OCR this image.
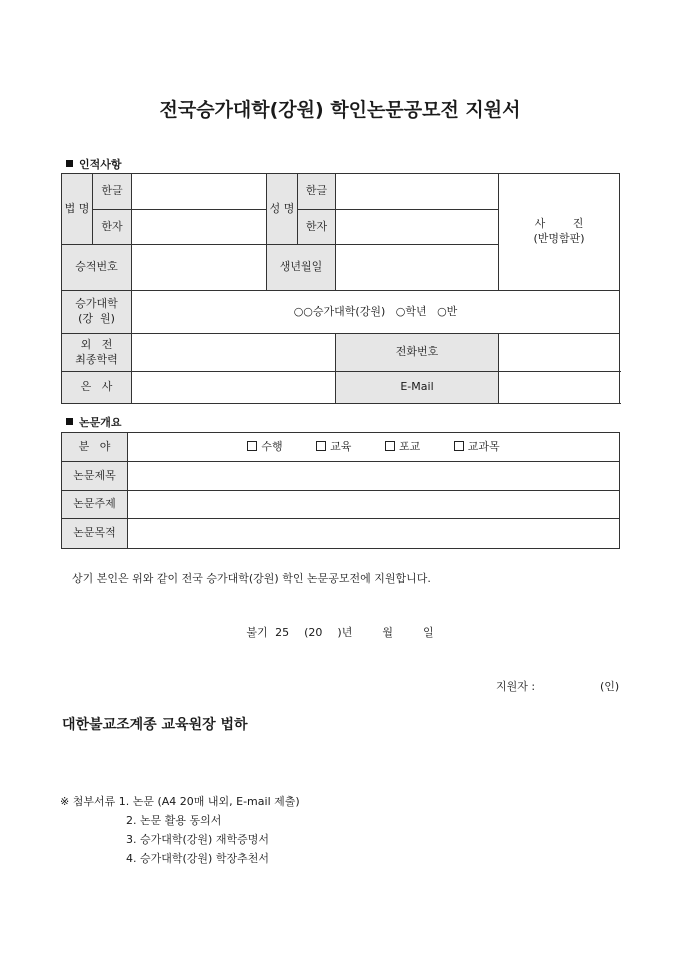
전국승가대학(강원) 학인논문공모전 지원서
인적사항
법 명	한글		성 명	한글		사 진
(반명함판)

	한자			한자		
승적번호			생년월일			

승가대학
(강  원)		○○승가대학(강원)   ○학년   ○반				

외   전
최종학력					전화번호	
은   사					E-Mail	
논문개요
분   야	수행 교육 포교 교과목
논문제목	
논문주제	
논문목적	
상기 본인은 위와 같이 전국 승가대학(강원) 학인 논문공모전에 지원합니다.
불기 25  (20  )년    월    일
지원자 :	(인)
대한불교조계종 교육원장 법하
※ 첨부서류 1. 논문 (A4 20매 내외, E-mail 제출)
2. 논문 활용 동의서
3. 승가대학(강원) 재학증명서
4. 승가대학(강원) 학장추천서
